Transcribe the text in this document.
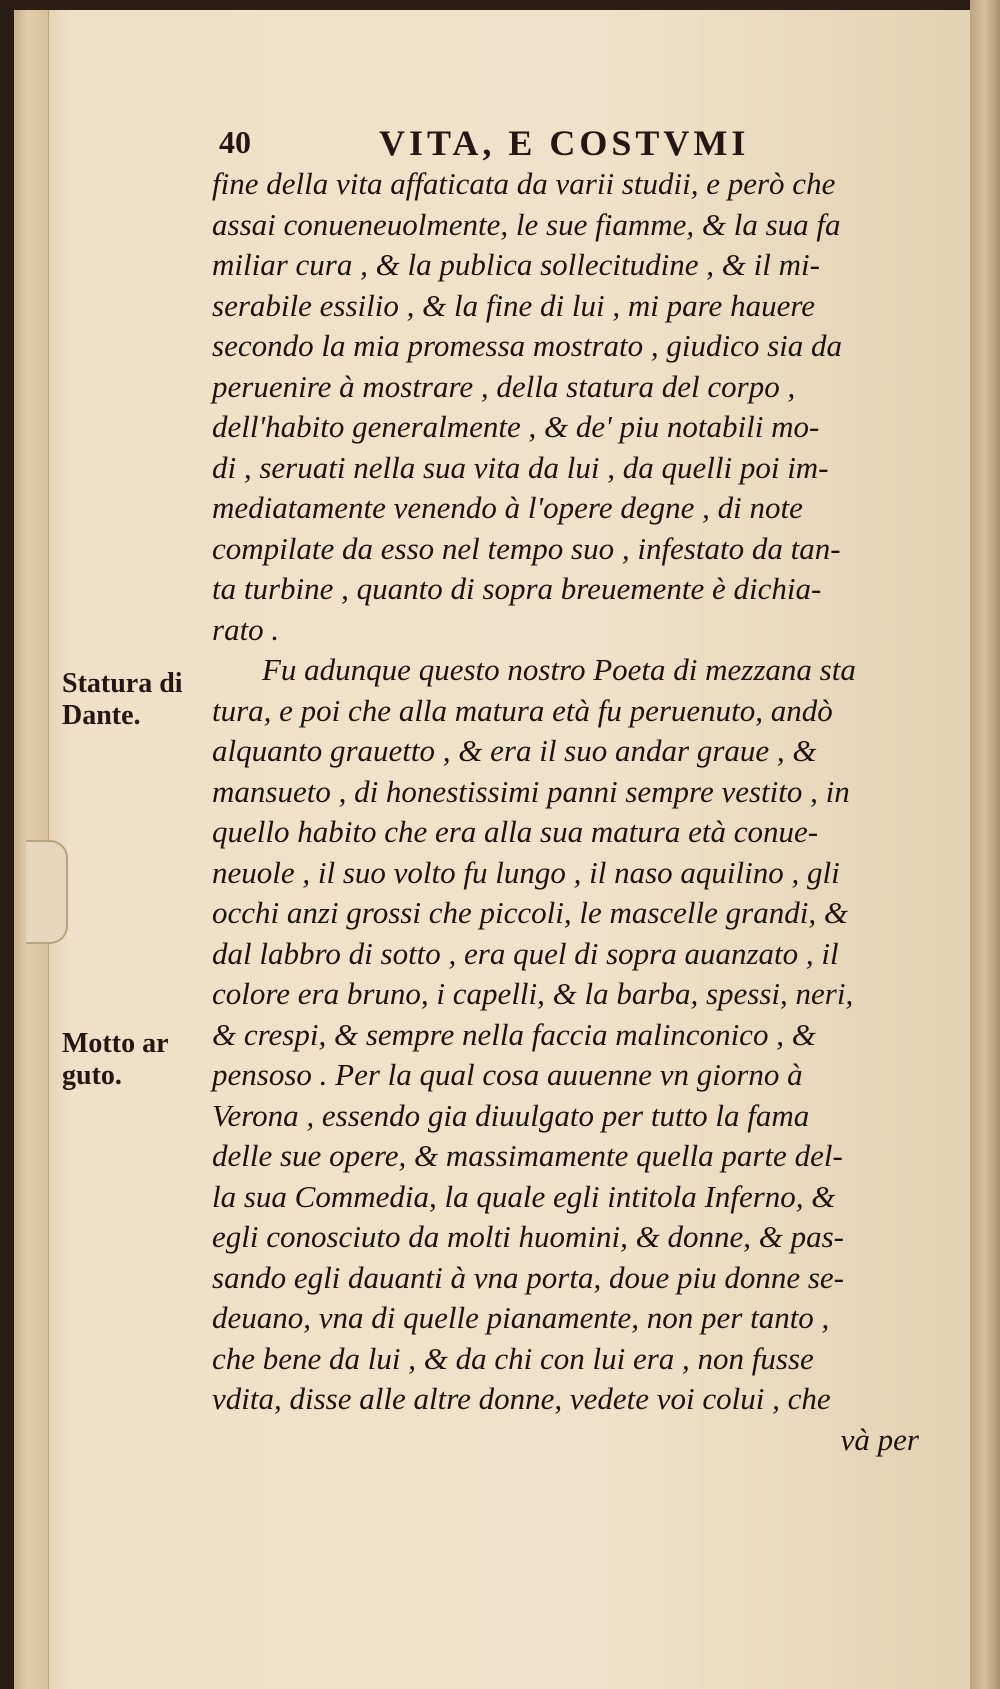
40	VITA, E COSTVMI
Statura di
Dante.
Motto ar
guto.
fine della vita affaticata da varii studii, e però che
assai conueneuolmente, le sue fiamme, & la sua fa
miliar cura , & la publica sollecitudine , & il mi-
serabile essilio , & la fine di lui , mi pare hauere
secondo la mia promessa mostrato , giudico sia da
peruenire à mostrare , della statura del corpo ,
dell'habito generalmente , & de' piu notabili mo-
di , seruati nella sua vita da lui , da quelli poi im-
mediatamente venendo à l'opere degne , di note
compilate da esso nel tempo suo , infestato da tan-
ta turbine , quanto di sopra breuemente è dichia-
rato .
Fu adunque questo nostro Poeta di mezzana sta
tura, e poi che alla matura età fu peruenuto, andò
alquanto grauetto , & era il suo andar graue , &
mansueto , di honestissimi panni sempre vestito , in
quello habito che era alla sua matura età conue-
neuole , il suo volto fu lungo , il naso aquilino , gli
occhi anzi grossi che piccoli, le mascelle grandi, &
dal labbro di sotto , era quel di sopra auanzato , il
colore era bruno, i capelli, & la barba, spessi, neri,
& crespi, & sempre nella faccia malinconico , &
pensoso . Per la qual cosa auuenne vn giorno à
Verona , essendo gia diuulgato per tutto la fama
delle sue opere, & massimamente quella parte del-
la sua Commedia, la quale egli intitola Inferno, &
egli conosciuto da molti huomini, & donne, & pas-
sando egli dauanti à vna porta, doue piu donne se-
deuano, vna di quelle pianamente, non per tanto ,
che bene da lui , & da chi con lui era , non fusse
vdita, disse alle altre donne, vedete voi colui , che
và per
